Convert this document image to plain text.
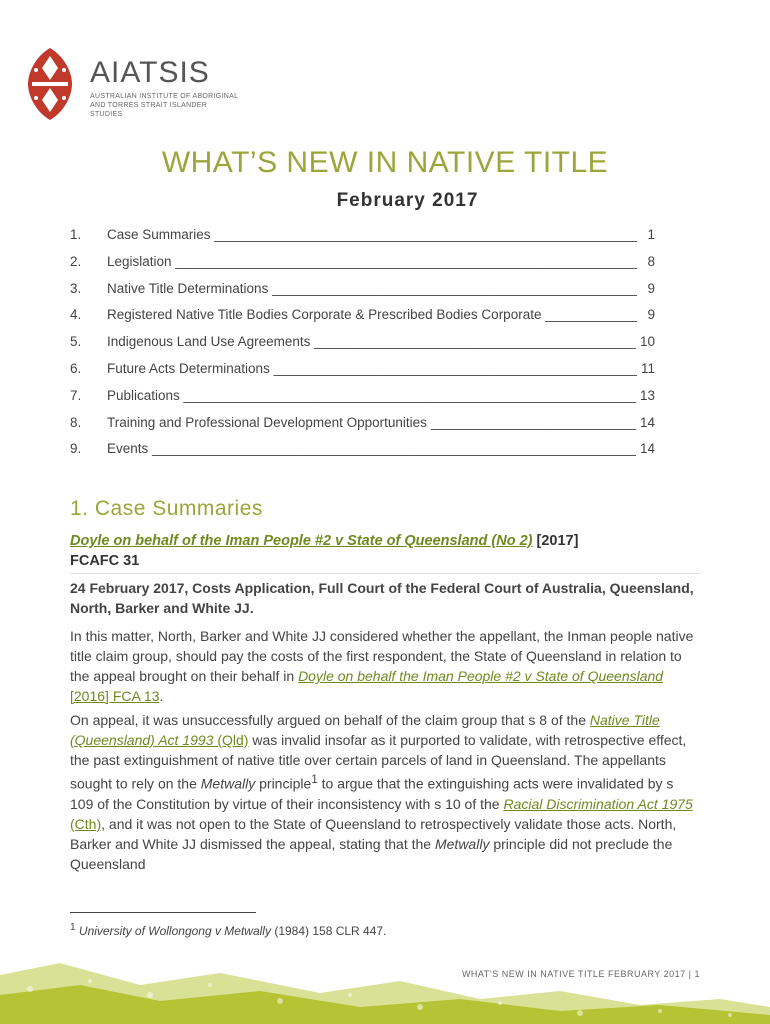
AIATSIS
AUSTRALIAN INSTITUTE OF ABORIGINAL AND TORRES STRAIT ISLANDER STUDIES
WHAT’S NEW IN NATIVE TITLE
February 2017
1. Case Summaries _____	1
2. Legislation _____	8
3. Native Title Determinations _____	9
4. Registered Native Title Bodies Corporate & Prescribed Bodies Corporate _____	9
5. Indigenous Land Use Agreements _____	10
6. Future Acts Determinations _____	11
7. Publications _____	13
8. Training and Professional Development Opportunities _____	14
9. Events _____	14
1. Case Summaries
Doyle on behalf of the Iman People #2 v State of Queensland (No 2) [2017]
FCAFC 31
24 February 2017, Costs Application, Full Court of the Federal Court of Australia, Queensland, North, Barker and White JJ.
In this matter, North, Barker and White JJ considered whether the appellant, the Inman people native title claim group, should pay the costs of the first respondent, the State of Queensland in relation to the appeal brought on their behalf in Doyle on behalf the Iman People #2 v State of Queensland [2016] FCA 13.
On appeal, it was unsuccessfully argued on behalf of the claim group that s 8 of the Native Title (Queensland) Act 1993 (Qld) was invalid insofar as it purported to validate, with retrospective effect, the past extinguishment of native title over certain parcels of land in Queensland. The appellants sought to rely on the Metwally principle$^1$ to argue that the extinguishing acts were invalidated by s 109 of the Constitution by virtue of their inconsistency with s 10 of the Racial Discrimination Act 1975 (Cth), and it was not open to the State of Queensland to retrospectively validate those acts. North, Barker and White JJ dismissed the appeal, stating that the Metwally principle did not preclude the Queensland
$^1$ University of Wollongong v Metwally (1984) 158 CLR 447.
WHAT’S NEW IN NATIVE TITLE FEBRUARY 2017 | 1
